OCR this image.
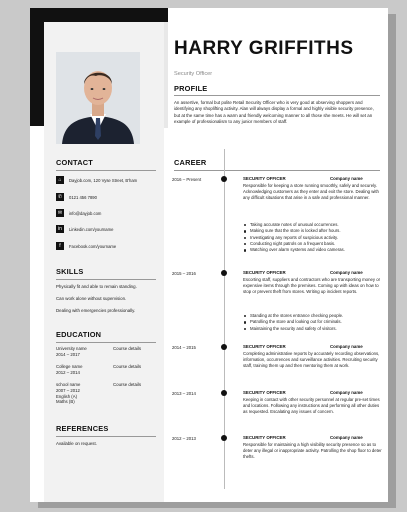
HARRY GRIFFITHS
Security Officer
PROFILE
An assertive, formal but polite Retail Security Officer who is very good at observing shoppers and identifying any shoplifting activity. Alan will always display a formal and highly visible security presence, but at the same time has a warm and friendly welcoming manner to all those she meets. He will set an example of professionalism to any junior members of staff.
CONTACT
⌂	Dayjob.com, 120 Vyse Street, B'ham
✆	0121 456 7890
✉	info@dayjob.com
in	Linkedin.com/yourname
f	Facebook.com/yourname
SKILLS
Physically fit and able to remain standing.
Can work alone without supervision.
Dealing with emergencies professionally.
EDUCATION
University name
2014 – 2017
Course details
College name
2012 – 2014
Course details
school name
2007 – 2012
English (A)
Maths (B)
Course details
REFERENCES
Available on request.
CAREER
2016 – Present	SECURITY OFFICER	Company name
Responsible for keeping a store running smoothly, safely and securely. Acknowledging customers as they enter and exit the store. Dealing with any difficult situations that arise in a safe and professional manner.
Taking accurate notes of unusual occurrences.
Making sure that the store is locked after hours.
Investigating any reports of suspicious activity.
Conducting night patrols on a frequent basis.
Watching over alarm systems and video cameras.
2015 – 2016	SECURITY OFFICER	Company name
Escorting staff, suppliers and contractors who are transporting money or expensive items through the premises. Coming up with ideas on how to stop or prevent theft from stores. Writing up incident reports.
Standing at the stores entrance checking people.
Patrolling the store and looking out for criminals.
Maintaining the security and safety of visitors.
2014 – 2015	SECURITY OFFICER	Company name
Completing administrative reports by accurately recording observations, information, occurrences and surveillance activities. Recruiting security staff, training them up and then mentoring them at work.
2013 – 2014	SECURITY OFFICER	Company name
Keeping in contact with other security personnel at regular pre-set times and locations. Following any instructions and performing all other duties as requested. Escalating any issues of concern.
2012 – 2013	SECURITY OFFICER	Company name
Responsible for maintaining a high visibility security presence so as to deter any illegal or inappropriate activity. Patrolling the shop floor to deter thefts.
